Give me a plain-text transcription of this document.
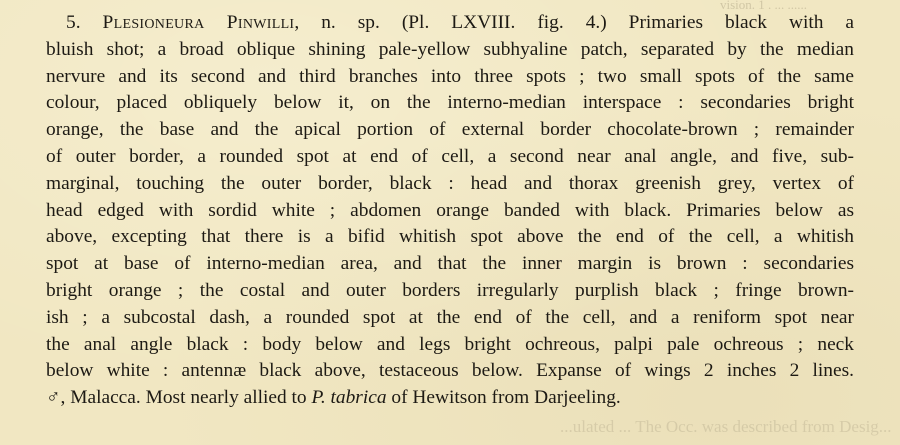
vision. 1 . ... ......
...ulated ... The Occ. was described from Desig...
5. Plesioneura Pinwilli, n. sp. (Pl. LXVIII. fig. 4.) Primaries black with a
bluish shot; a broad oblique shining pale-yellow subhyaline patch, separated by the median
nervure and its second and third branches into three spots ; two small spots of the same
colour, placed obliquely below it, on the interno-median interspace : secondaries bright
orange, the base and the apical portion of external border chocolate-brown ; remainder
of outer border, a rounded spot at end of cell, a second near anal angle, and five, sub-
marginal, touching the outer border, black : head and thorax greenish grey, vertex of
head edged with sordid white ; abdomen orange banded with black. Primaries below as
above, excepting that there is a bifid whitish spot above the end of the cell, a whitish
spot at base of interno-median area, and that the inner margin is brown : secondaries
bright orange ; the costal and outer borders irregularly purplish black ; fringe brown-
ish ; a subcostal dash, a rounded spot at the end of the cell, and a reniform spot near
the anal angle black : body below and legs bright ochreous, palpi pale ochreous ; neck
below white : antennæ black above, testaceous below. Expanse of wings 2 inches 2 lines.
♂, Malacca. Most nearly allied to P. tabrica of Hewitson from Darjeeling.
